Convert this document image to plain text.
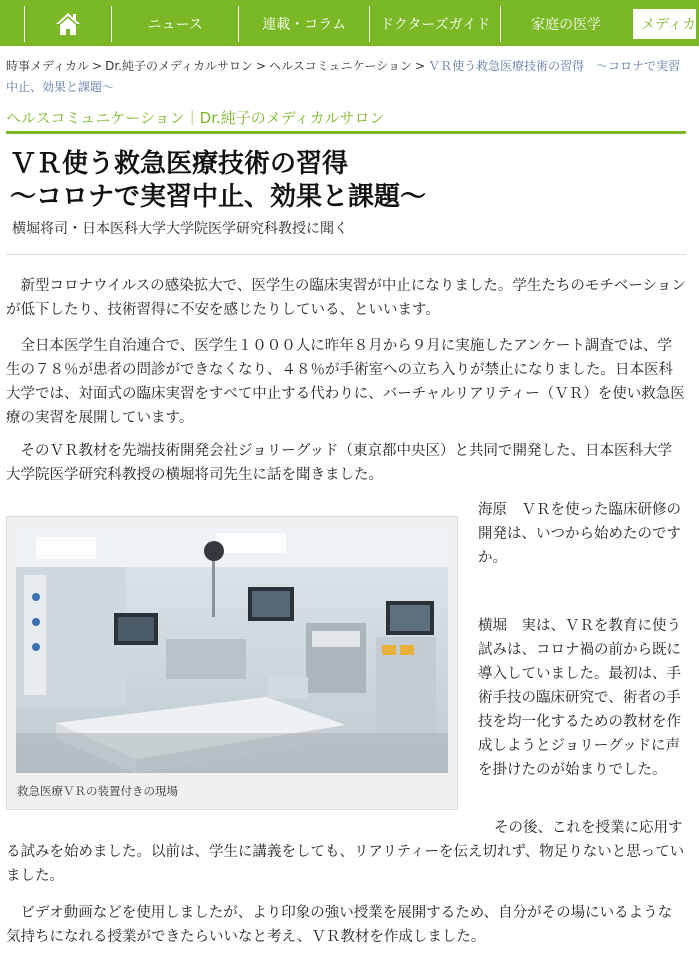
ニュース	連載・コラム	ドクターズガイド	家庭の医学	メディカ
時事メディカル > Dr.純子のメディカルサロン > ヘルスコミュニケーション > ＶＲ使う救急医療技術の習得　～コロナで実習中止、効果と課題～
ヘルスコミュニケーション｜Dr.純子のメディカルサロン
ＶＲ使う救急医療技術の習得
～コロナで実習中止、効果と課題～
横堀将司・日本医科大学大学院医学研究科教授に聞く

新型コロナウイルスの感染拡大で、医学生の臨床実習が中止になりました。学生たちのモチベーションが低下したり、技術習得に不安を感じたりしている、といいます。

全日本医学生自治連合で、医学生１０００人に昨年８月から９月に実施したアンケート調査では、学生の７８％が患者の問診ができなくなり、４８％が手術室への立ち入りが禁止になりました。日本医科大学では、対面式の臨床実習をすべて中止する代わりに、バーチャルリアリティー（ＶＲ）を使い救急医療の実習を展開しています。

そのＶＲ教材を先端技術開発会社ジョリーグッド（東京都中央区）と共同で開発した、日本医科大学大学院医学研究科教授の横堀将司先生に話を聞きました。

救急医療ＶＲの装置付きの現場

海原　ＶＲを使った臨床研修の開発は、いつから始めたのですか。

横堀　実は、ＶＲを教育に使う試みは、コロナ禍の前から既に導入していました。最初は、手術手技の臨床研究で、術者の手技を均一化するための教材を作成しようとジョリーグッドに声を掛けたのが始まりでした。

その後、これを授業に応用する試みを始めました。以前は、学生に講義をしても、リアリティーを伝え切れず、物足りないと思っていました。

ビデオ動画などを使用しましたが、より印象の強い授業を展開するため、自分がその場にいるような気持ちになれる授業ができたらいいなと考え、ＶＲ教材を作成しました。
